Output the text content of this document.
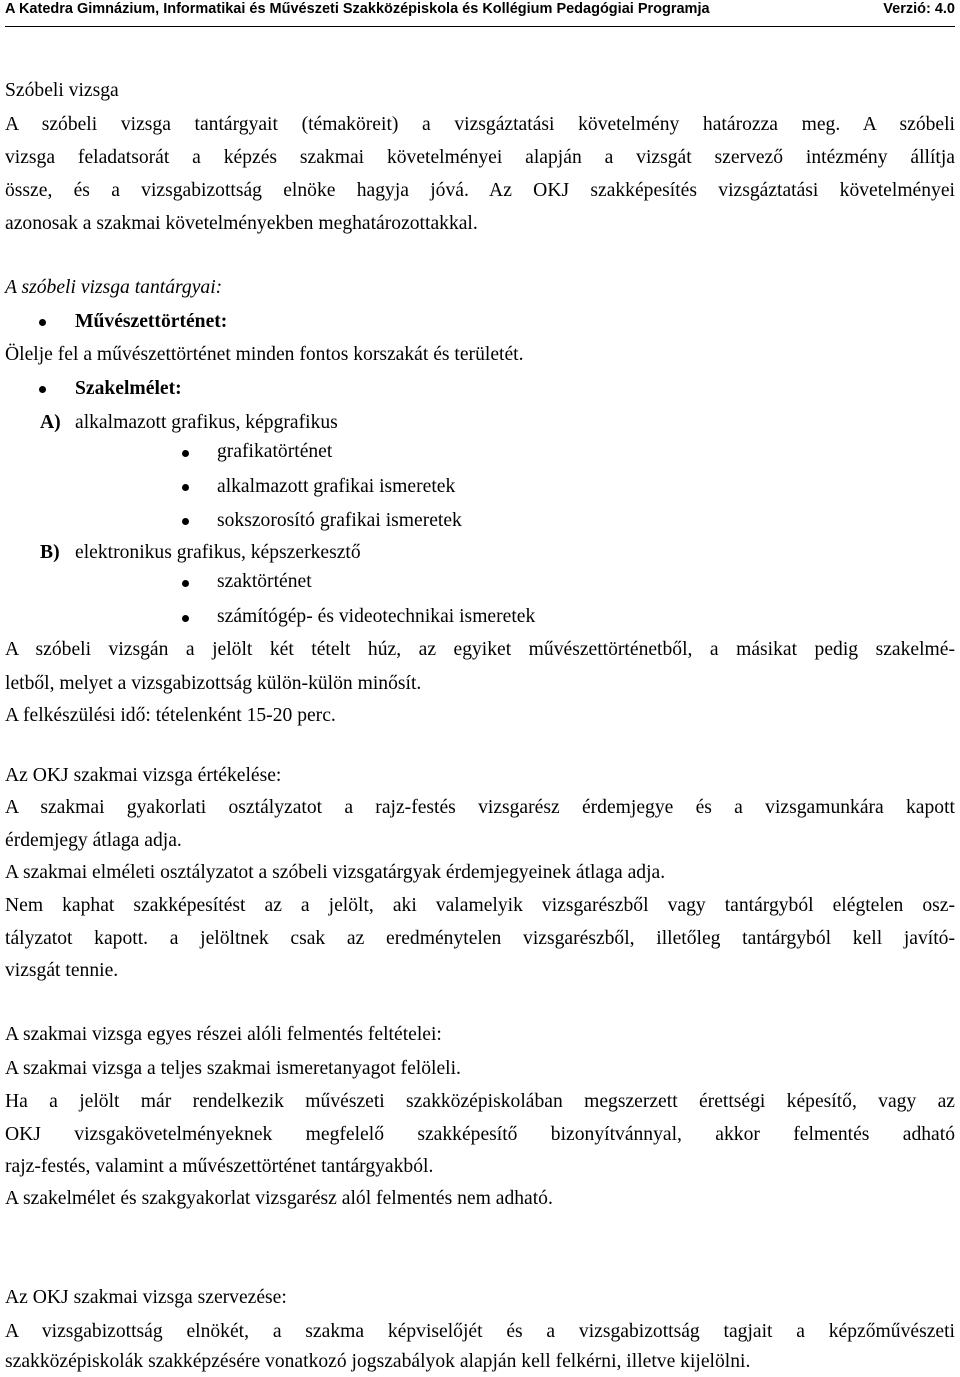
A Katedra Gimnázium, Informatikai és Művészeti Szakközépiskola és Kollégium Pedagógiai Programja	Verzió: 4.0
Szóbeli vizsga
A szóbeli vizsga tantárgyait (témaköreit) a vizsgáztatási követelmény határozza meg. A szóbeli
vizsga feladatsorát a képzés szakmai követelményei alapján a vizsgát szervező intézmény állítja
össze, és a vizsgabizottság elnöke hagyja jóvá. Az OKJ szakképesítés vizsgáztatási követelményei
azonosak a szakmai követelményekben meghatározottakkal.
A szóbeli vizsga tantárgyai:
Művészettörténet:
Ölelje fel a művészettörténet minden fontos korszakát és területét.
Szakelmélet:
A) alkalmazott grafikus, képgrafikus
grafikatörténet
alkalmazott grafikai ismeretek
sokszorosító grafikai ismeretek
B) elektronikus grafikus, képszerkesztő
szaktörténet
számítógép- és videotechnikai ismeretek
A szóbeli vizsgán a jelölt két tételt húz, az egyiket művészettörténetből, a másikat pedig szakelmé-
letből, melyet a vizsgabizottság külön-külön minősít.
A felkészülési idő: tételenként 15-20 perc.
Az OKJ szakmai vizsga értékelése:
A szakmai gyakorlati osztályzatot a rajz-festés vizsgarész érdemjegye és a vizsgamunkára kapott
érdemjegy átlaga adja.
A szakmai elméleti osztályzatot a szóbeli vizsgatárgyak érdemjegyeinek átlaga adja.
Nem kaphat szakképesítést az a jelölt, aki valamelyik vizsgarészből vagy tantárgyból elégtelen osz-
tályzatot kapott. a jelöltnek csak az eredménytelen vizsgarészből, illetőleg tantárgyból kell javító-
vizsgát tennie.
A szakmai vizsga egyes részei alóli felmentés feltételei:
A szakmai vizsga a teljes szakmai ismeretanyagot felöleli.
Ha a jelölt már rendelkezik művészeti szakközépiskolában megszerzett érettségi képesítő, vagy az
OKJ vizsgakövetelményeknek megfelelő szakképesítő bizonyítvánnyal, akkor felmentés adható
rajz-festés, valamint a művészettörténet tantárgyakból.
A szakelmélet és szakgyakorlat vizsgarész alól felmentés nem adható.
Az OKJ szakmai vizsga szervezése:
A vizsgabizottság elnökét, a szakma képviselőjét és a vizsgabizottság tagjait a képzőművészeti
szakközépiskolák szakképzésére vonatkozó jogszabályok alapján kell felkérni, illetve kijelölni.
